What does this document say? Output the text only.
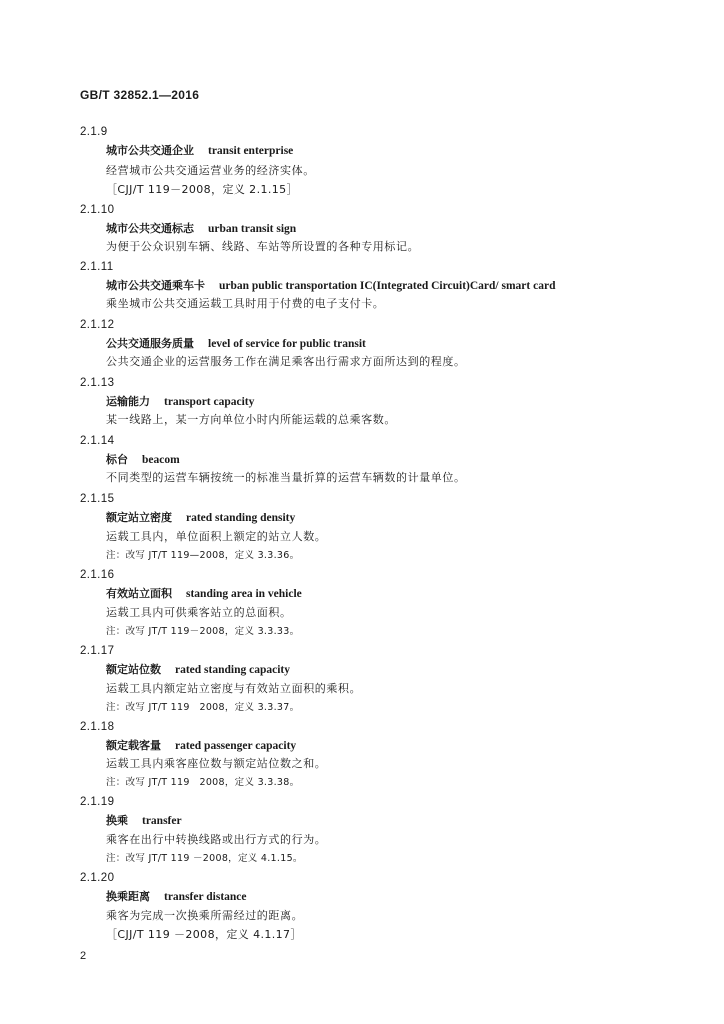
GB/T 32852.1—2016
2.1.9
城市公共交通企业 transit enterprise
经营城市公共交通运营业务的经济实体。
［CJJ/T 119－2008，定义 2.1.15］
2.1.10
城市公共交通标志 urban transit sign
为便于公众识别车辆、线路、车站等所设置的各种专用标记。
2.1.11
城市公共交通乘车卡 urban public transportation IC(Integrated Circuit)Card/ smart card
乘坐城市公共交通运载工具时用于付费的电子支付卡。
2.1.12
公共交通服务质量 level of service for public transit
公共交通企业的运营服务工作在满足乘客出行需求方面所达到的程度。
2.1.13
运输能力 transport capacity
某一线路上，某一方向单位小时内所能运载的总乘客数。
2.1.14
标台 beacom
不同类型的运营车辆按统一的标准当量折算的运营车辆数的计量单位。
2.1.15
额定站立密度 rated standing density
运载工具内，单位面积上额定的站立人数。
注：改写 JT/T 119—2008，定义 3.3.36。
2.1.16
有效站立面积 standing area in vehicle
运载工具内可供乘客站立的总面积。
注：改写 JT/T 119－2008，定义 3.3.33。
2.1.17
额定站位数 rated standing capacity
运载工具内额定站立密度与有效站立面积的乘积。
注：改写 JT/T 119　2008，定义 3.3.37。
2.1.18
额定载客量 rated passenger capacity
运载工具内乘客座位数与额定站位数之和。
注：改写 JT/T 119　2008，定义 3.3.38。
2.1.19
换乘 transfer
乘客在出行中转换线路或出行方式的行为。
注：改写 JT/T 119 －2008，定义 4.1.15。
2.1.20
换乘距离 transfer distance
乘客为完成一次换乘所需经过的距离。
［CJJ/T 119 －2008，定义 4.1.17］
2
